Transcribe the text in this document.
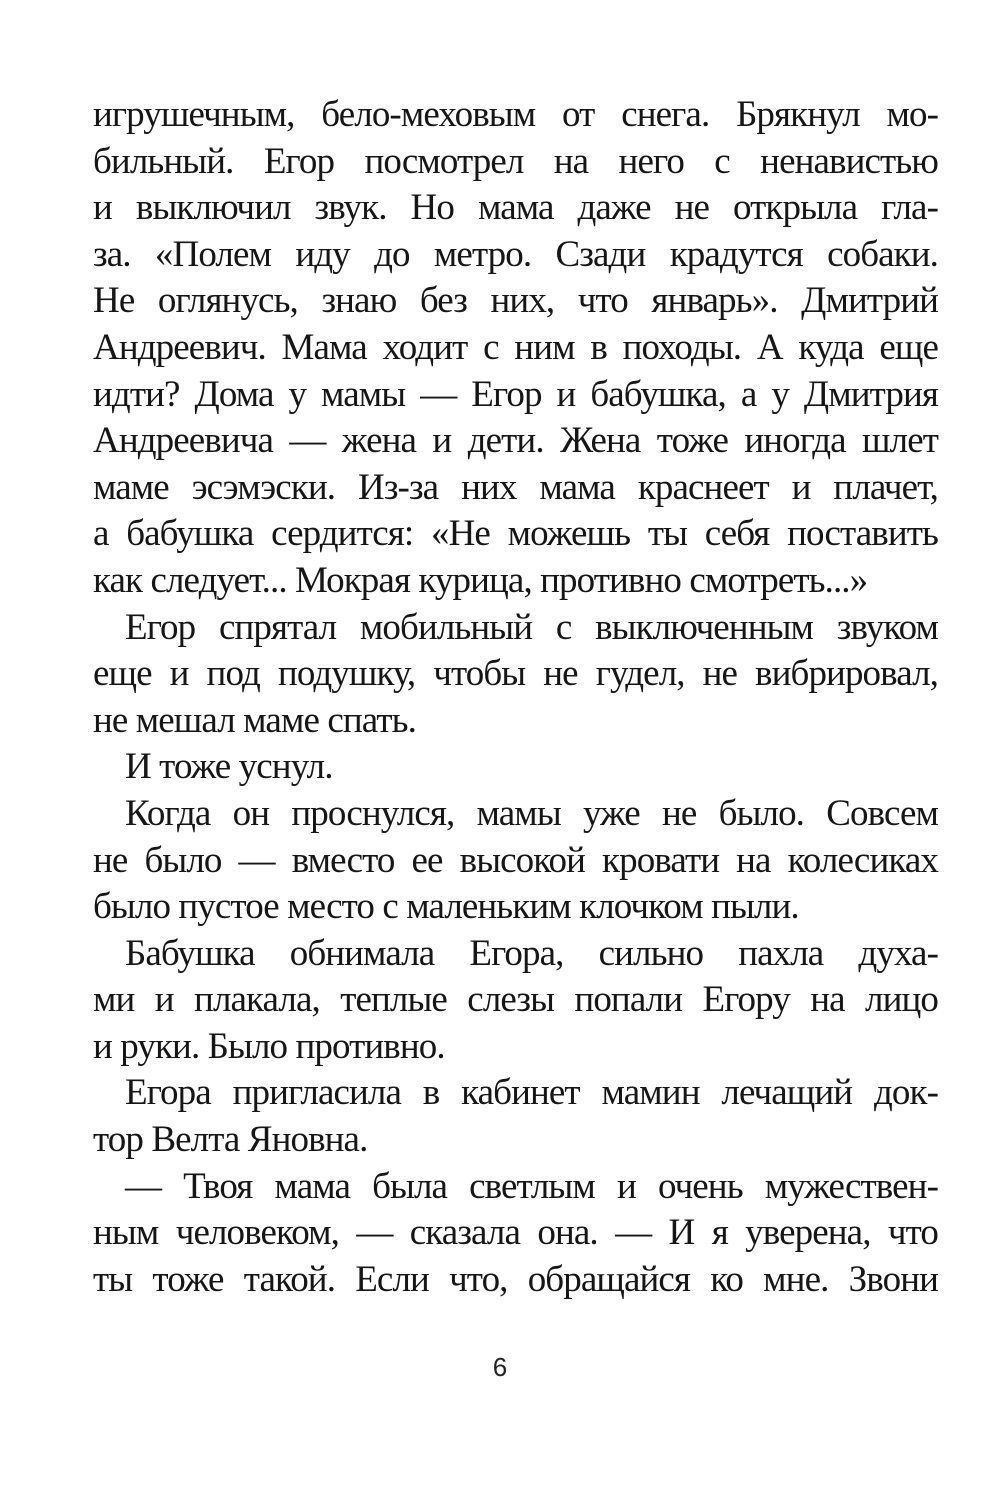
игрушечным, бело-меховым от снега. Брякнул мо-
бильный. Егор посмотрел на него с ненавистью
и выключил звук. Но мама даже не открыла гла-
за. «Полем иду до метро. Сзади крадутся собаки.
Не оглянусь, знаю без них, что январь». Дмитрий
Андреевич. Мама ходит с ним в походы. А куда еще
идти? Дома у мамы — Егор и бабушка, а у Дмитрия
Андреевича — жена и дети. Жена тоже иногда шлет
маме эсэмэски. Из-за них мама краснеет и плачет,
а бабушка сердится: «Не можешь ты себя поставить
как следует... Мокрая курица, противно смотреть...»
Егор спрятал мобильный с выключенным звуком
еще и под подушку, чтобы не гудел, не вибрировал,
не мешал маме спать.
И тоже уснул.
Когда он проснулся, мамы уже не было. Совсем
не было — вместо ее высокой кровати на колесиках
было пустое место с маленьким клочком пыли.
Бабушка обнимала Егора, сильно пахла духа-
ми и плакала, теплые слезы попали Егору на лицо
и руки. Было противно.
Егора пригласила в кабинет мамин лечащий док-
тор Велта Яновна.
— Твоя мама была светлым и очень мужествен-
ным человеком, — сказала она. — И я уверена, что
ты тоже такой. Если что, обращайся ко мне. Звони
6
